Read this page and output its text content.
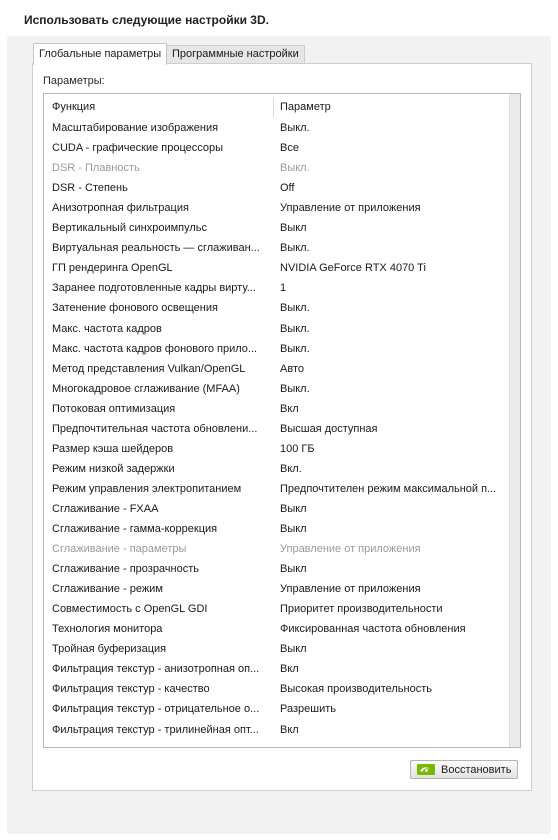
Использовать следующие настройки 3D.
Глобальные параметры Программные настройки
Параметры:
Функция	Параметр
Масштабирование изображения	Выкл.
CUDA - графические процессоры	Все
DSR - Плавность	Выкл.
DSR - Степень	Off
Анизотропная фильтрация	Управление от приложения
Вертикальный синхроимпульс	Выкл
Виртуальная реальность — сглаживан...	Выкл.
ГП рендеринга OpenGL	NVIDIA GeForce RTX 4070 Ti
Заранее подготовленные кадры вирту...	1
Затенение фонового освещения	Выкл.
Макс. частота кадров	Выкл.
Макс. частота кадров фонового прило...	Выкл.
Метод представления Vulkan/OpenGL	Авто
Многокадровое сглаживание (MFAA)	Выкл.
Потоковая оптимизация	Вкл
Предпочтительная частота обновлени...	Высшая доступная
Размер кэша шейдеров	100 ГБ
Режим низкой задержки	Вкл.
Режим управления электропитанием	Предпочтителен режим максимальной п...
Сглаживание - FXAA	Выкл
Сглаживание - гамма-коррекция	Выкл
Сглаживание - параметры	Управление от приложения
Сглаживание - прозрачность	Выкл
Сглаживание - режим	Управление от приложения
Совместимость с OpenGL GDI	Приоритет производительности
Технология монитора	Фиксированная частота обновления
Тройная буферизация	Выкл
Фильтрация текстур - анизотропная оп...	Вкл
Фильтрация текстур - качество	Высокая производительность
Фильтрация текстур - отрицательное о...	Разрешить
Фильтрация текстур - трилинейная опт...	Вкл
Восстановить
